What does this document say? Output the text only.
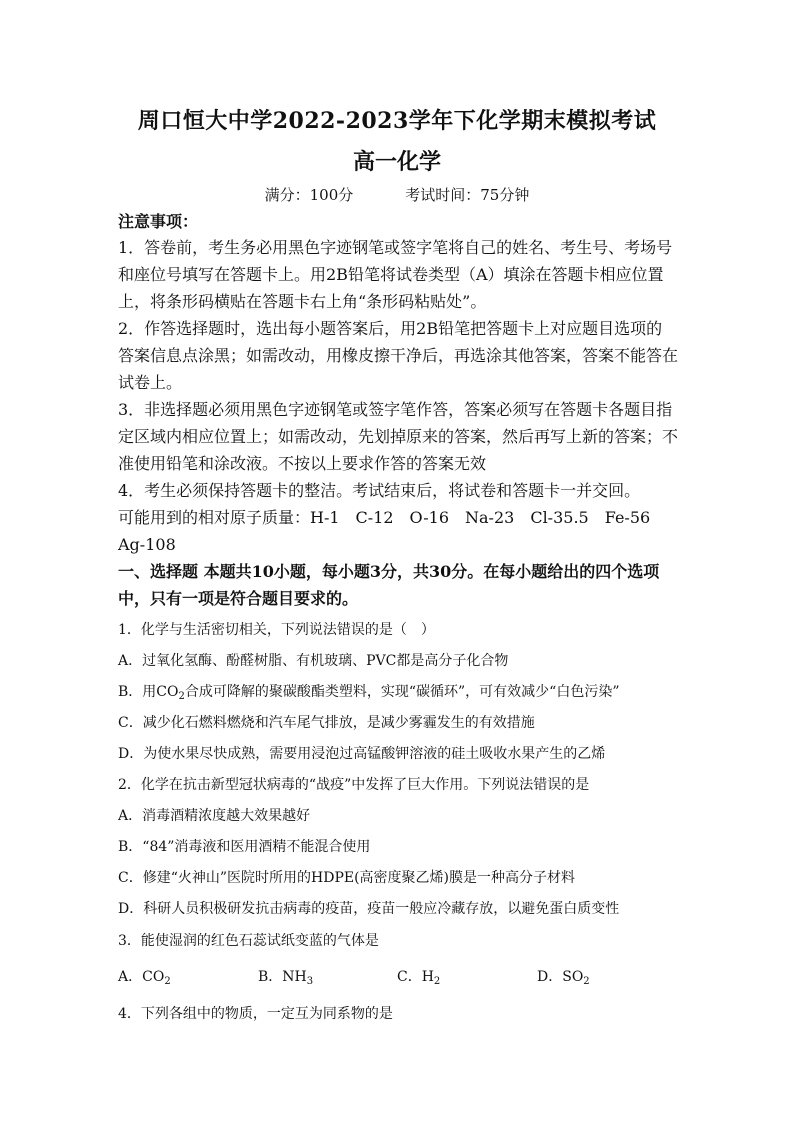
周口恒大中学2022-2023学年下化学期末模拟考试
高一化学
满分：100分	考试时间：75分钟
注意事项：
1．答卷前，考生务必用黑色字迹钢笔或签字笔将自己的姓名、考生号、考场号
和座位号填写在答题卡上。用2B铅笔将试卷类型（A）填涂在答题卡相应位置
上，将条形码横贴在答题卡右上角“条形码粘贴处”。
2．作答选择题时，选出每小题答案后，用2B铅笔把答题卡上对应题目选项的
答案信息点涂黑；如需改动，用橡皮擦干净后，再选涂其他答案，答案不能答在
试卷上。
3．非选择题必须用黑色字迹钢笔或签字笔作答，答案必须写在答题卡各题目指
定区域内相应位置上；如需改动，先划掉原来的答案，然后再写上新的答案；不
准使用铅笔和涂改液。不按以上要求作答的答案无效
4．考生必须保持答题卡的整洁。考试结束后，将试卷和答题卡一并交回。
可能用到的相对原子质量：H-1　C-12　O-16　Na-23　Cl-35.5　Fe-56
Ag-108
一、选择题 本题共10小题，每小题3分，共30分。在每小题给出的四个选项
中，只有一项是符合题目要求的。
1．化学与生活密切相关，下列说法错误的是（　）
A．过氧化氢酶、酚醛树脂、有机玻璃、PVC都是高分子化合物
B．用$CO_2$合成可降解的聚碳酸酯类塑料，实现“碳循环”，可有效减少“白色污染”
C．减少化石燃料燃烧和汽车尾气排放，是减少雾霾发生的有效措施
D．为使水果尽快成熟，需要用浸泡过高锰酸钾溶液的硅土吸收水果产生的乙烯
2．化学在抗击新型冠状病毒的“战疫”中发挥了巨大作用。下列说法错误的是
A．消毒酒精浓度越大效果越好
B．“84”消毒液和医用酒精不能混合使用
C．修建“火神山”医院时所用的HDPE(高密度聚乙烯)膜是一种高分子材料
D．科研人员积极研发抗击病毒的疫苗，疫苗一般应冷藏存放，以避免蛋白质变性
3．能使湿润的红色石蕊试纸变蓝的气体是
A．$CO_2$	B．$NH_3$	C．$H_2$	D．$SO_2$
4．下列各组中的物质，一定互为同系物的是
